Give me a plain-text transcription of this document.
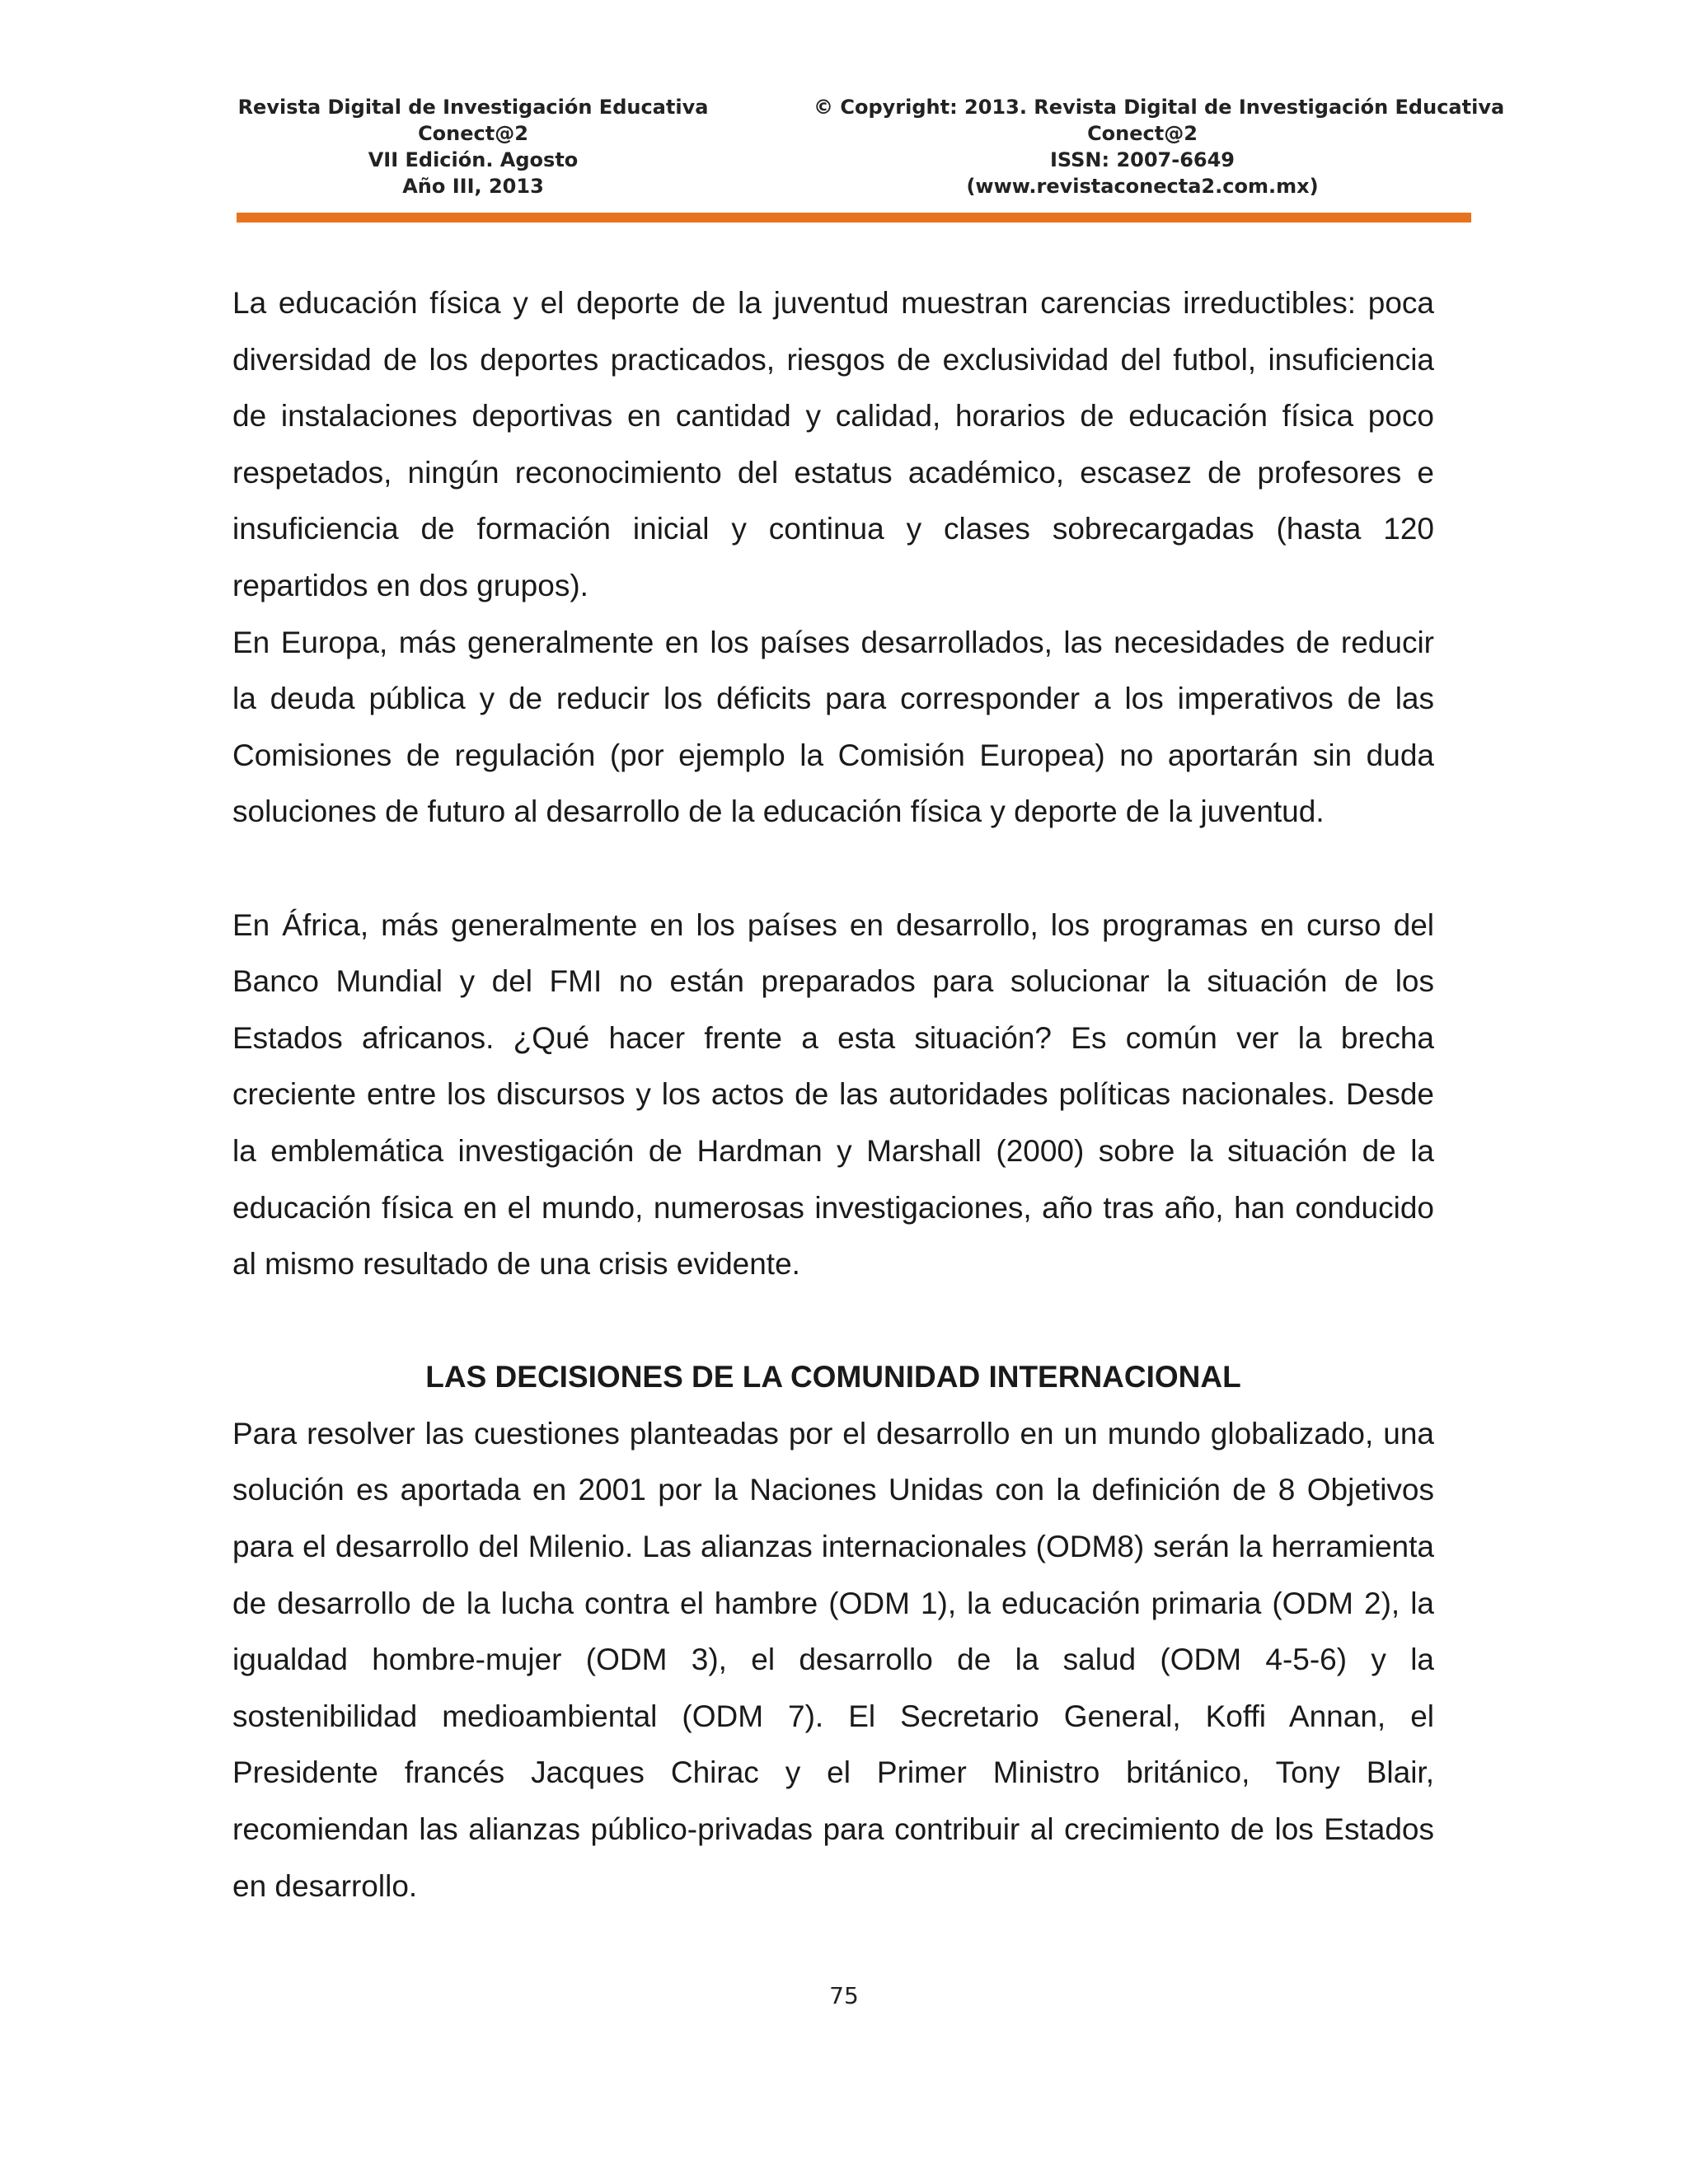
Revista Digital de Investigación Educativa
Conect@2
VII Edición. Agosto
Año III, 2013
© Copyright: 2013. Revista Digital de Investigación Educativa
Conect@2
ISSN: 2007-6649
(www.revistaconecta2.com.mx)

La educación física y el deporte de la juventud muestran carencias irreductibles: poca diversidad de los deportes practicados, riesgos de exclusividad del futbol, insuficiencia de instalaciones deportivas en cantidad y calidad, horarios de educación física poco respetados, ningún reconocimiento del estatus académico, escasez de profesores e insuficiencia de formación inicial y continua y clases sobrecargadas (hasta 120 repartidos en dos grupos).

En Europa, más generalmente en los países desarrollados, las necesidades de reducir la deuda pública y de reducir los déficits para corresponder a los imperativos de las Comisiones de regulación (por ejemplo la Comisión Europea) no aportarán sin duda soluciones de futuro al desarrollo de la educación física y deporte de la juventud.

En África, más generalmente en los países en desarrollo, los programas en curso del Banco Mundial y del FMI no están preparados para solucionar la situación de los Estados africanos. ¿Qué hacer frente a esta situación? Es común ver la brecha creciente entre los discursos y los actos de las autoridades políticas nacionales. Desde la emblemática investigación de Hardman y Marshall (2000) sobre la situación de la educación física en el mundo, numerosas investigaciones, año tras año, han conducido al mismo resultado de una crisis evidente.

LAS DECISIONES DE LA COMUNIDAD INTERNACIONAL

Para resolver las cuestiones planteadas por el desarrollo en un mundo globalizado, una solución es aportada en 2001 por la Naciones Unidas con la definición de 8 Objetivos para el desarrollo del Milenio. Las alianzas internacionales (ODM8) serán la herramienta de desarrollo de la lucha contra el hambre (ODM 1), la educación primaria (ODM 2), la igualdad hombre-mujer (ODM 3), el desarrollo de la salud (ODM 4-5-6) y la sostenibilidad medioambiental (ODM 7). El Secretario General, Koffi Annan, el Presidente francés Jacques Chirac y el Primer Ministro británico, Tony Blair, recomiendan las alianzas público-privadas para contribuir al crecimiento de los Estados en desarrollo.

75
